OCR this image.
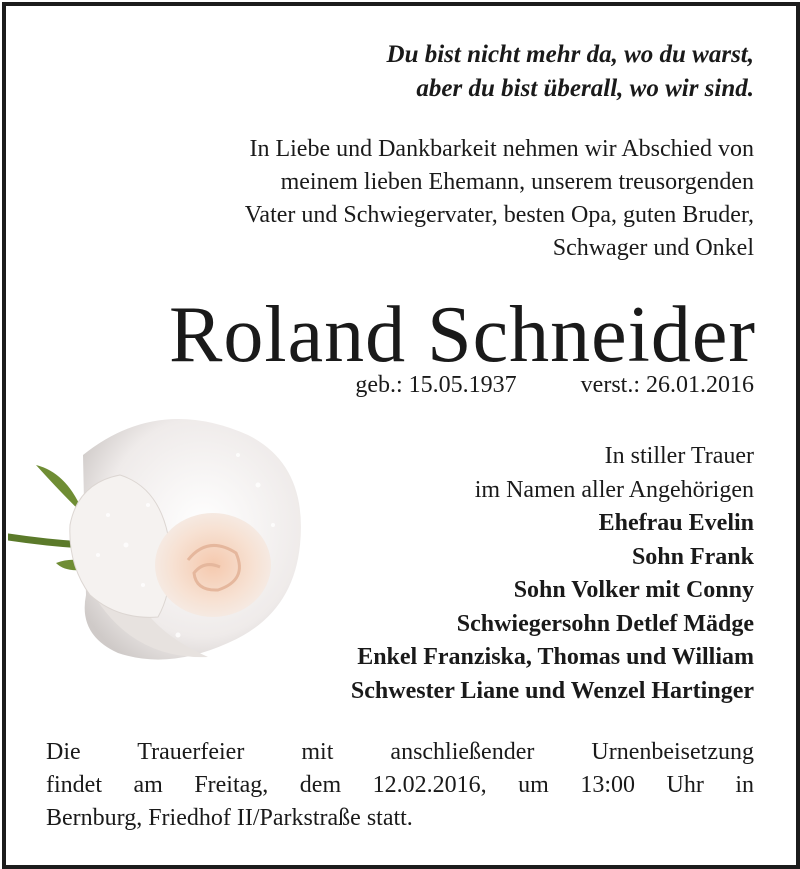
Du bist nicht mehr da, wo du warst,
aber du bist überall, wo wir sind.

In Liebe und Dankbarkeit nehmen wir Abschied von

meinem lieben Ehemann, unserem treusorgenden

Vater und Schwiegervater, besten Opa, guten Bruder,

Schwager und Onkel

Roland Schneider
geb.: 15.05.1937	verst.: 26.01.2016
In stiller Trauer
im Namen aller Angehörigen
Ehefrau Evelin
Sohn Frank
Sohn Volker mit Conny
Schwiegersohn Detlef Mädge
Enkel Franziska, Thomas und William
Schwester Liane und Wenzel Hartinger
Die Trauerfeier mit anschließender Urnenbeisetzung
findet am Freitag, dem 12.02.2016, um 13:00 Uhr in
Bernburg, Friedhof II/Parkstraße statt.
